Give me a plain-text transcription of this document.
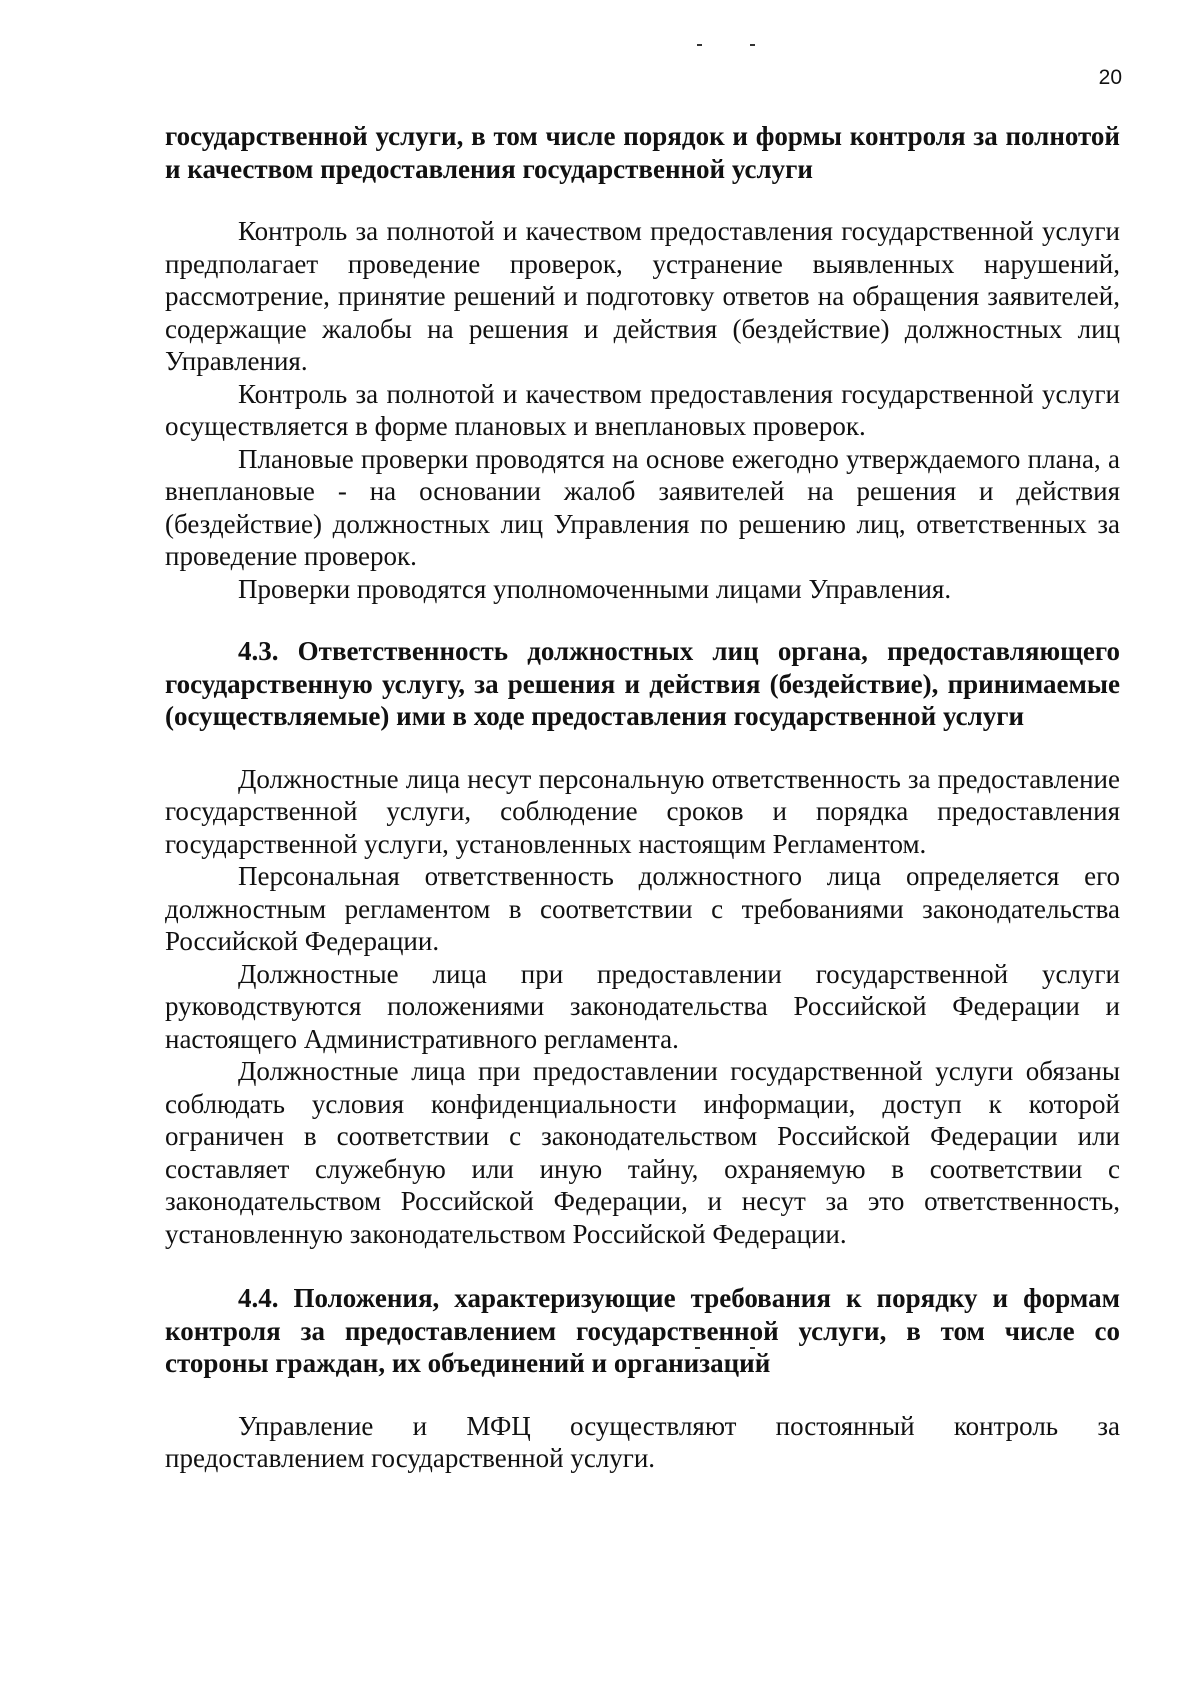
20

государственной услуги, в том числе порядок и формы контроля за полнотой и качеством предоставления государственной услуги

Контроль за полнотой и качеством предоставления государственной услуги предполагает проведение проверок, устранение выявленных нарушений, рассмотрение, принятие решений и подготовку ответов на обращения заявителей, содержащие жалобы на решения и действия (бездействие) должностных лиц Управления.

Контроль за полнотой и качеством предоставления государственной услуги осуществляется в форме плановых и внеплановых проверок.

Плановые проверки проводятся на основе ежегодно утверждаемого плана, а внеплановые - на основании жалоб заявителей на решения и действия (бездействие) должностных лиц Управления по решению лиц, ответственных за проведение проверок.

Проверки проводятся уполномоченными лицами Управления.

4.3. Ответственность должностных лиц органа, предоставляющего государственную услугу, за решения и действия (бездействие), принимаемые (осуществляемые) ими в ходе предоставления государственной услуги

Должностные лица несут персональную ответственность за предоставление государственной услуги, соблюдение сроков и порядка предоставления государственной услуги, установленных настоящим Регламентом.

Персональная ответственность должностного лица определяется его должностным регламентом в соответствии с требованиями законодательства Российской Федерации.

Должностные лица при предоставлении государственной услуги руководствуются положениями законодательства Российской Федерации и настоящего Административного регламента.

Должностные лица при предоставлении государственной услуги обязаны соблюдать условия конфиденциальности информации, доступ к которой ограничен в соответствии с законодательством Российской Федерации или составляет служебную или иную тайну, охраняемую в соответствии с законодательством Российской Федерации, и несут за это ответственность, установленную законодательством Российской Федерации.

4.4. Положения, характеризующие требования к порядку и формам контроля за предоставлением государственной услуги, в том числе со стороны граждан, их объединений и организаций

Управление и МФЦ осуществляют постоянный контроль за предоставлением государственной услуги.
